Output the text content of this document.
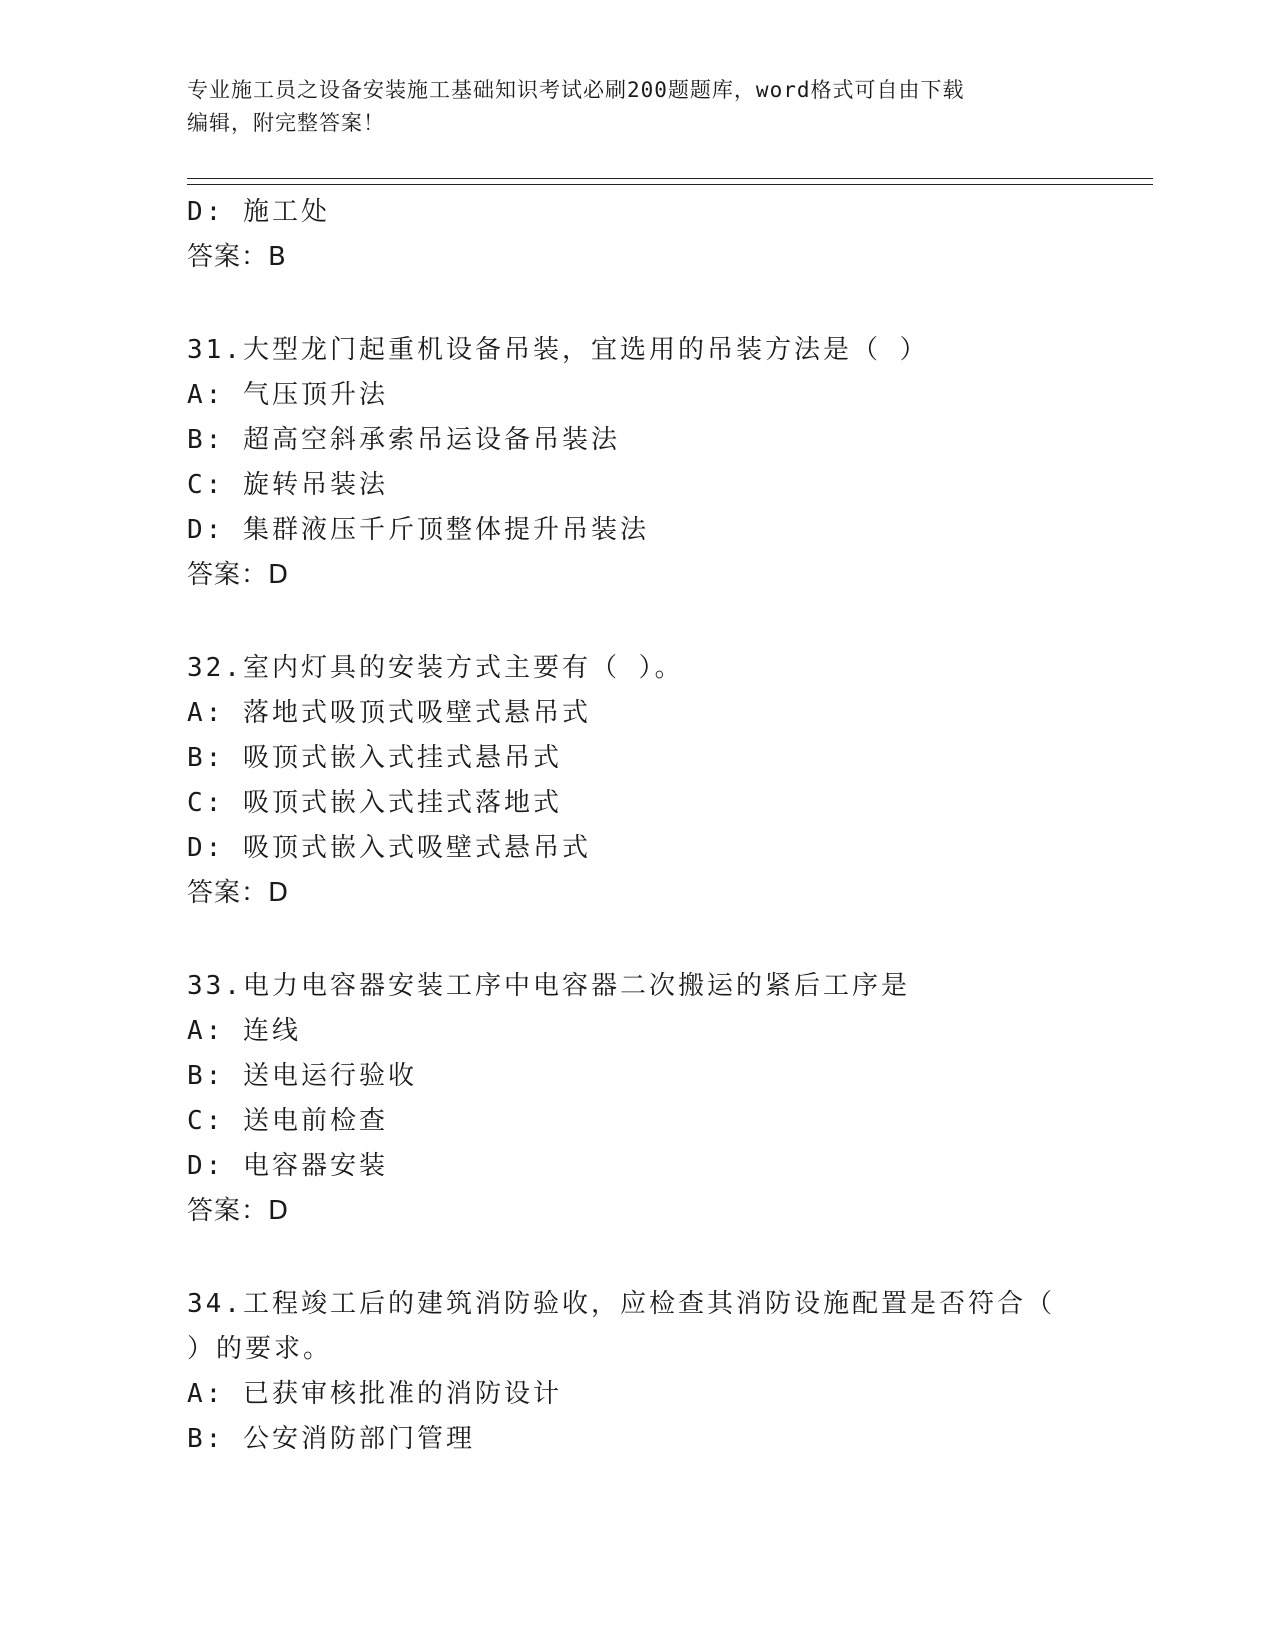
专业施工员之设备安装施工基础知识考试必刷200题题库，word格式可自由下载
编辑，附完整答案！
D: 施工处
答案：B
31.大型龙门起重机设备吊装，宜选用的吊装方法是（ ）
A: 气压顶升法
B: 超高空斜承索吊运设备吊装法
C: 旋转吊装法
D: 集群液压千斤顶整体提升吊装法
答案：D
32.室内灯具的安装方式主要有（ ）。
A: 落地式吸顶式吸壁式悬吊式
B: 吸顶式嵌入式挂式悬吊式
C: 吸顶式嵌入式挂式落地式
D: 吸顶式嵌入式吸壁式悬吊式
答案：D
33.电力电容器安装工序中电容器二次搬运的紧后工序是
A: 连线
B: 送电运行验收
C: 送电前检查
D: 电容器安装
答案：D
34.工程竣工后的建筑消防验收，应检查其消防设施配置是否符合（
）的要求。
A: 已获审核批准的消防设计
B: 公安消防部门管理
